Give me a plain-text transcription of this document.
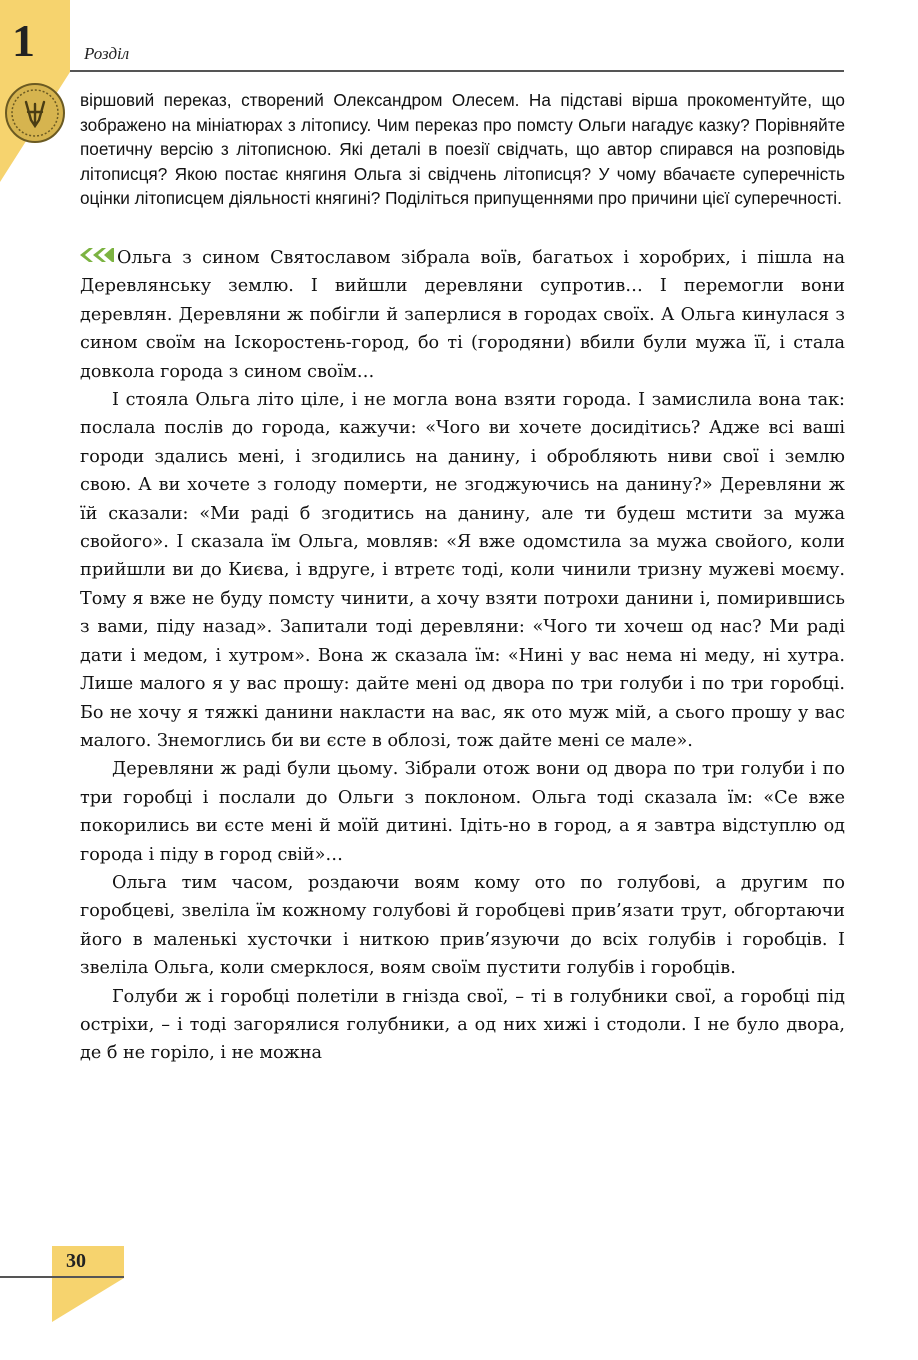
1	Розділ

віршовий переказ, створений Олександром Олесем. На підставі вірша прокоментуйте, що зображено на мініатюрах з літопису. Чим переказ про помсту Ольги нагадує казку? Порівняйте поетичну версію з літописною. Які деталі в поезії свідчать, що автор спирався на розповідь літописця? Якою постає княгиня Ольга зі свідчень літописця? У чому вбачаєте суперечність оцінки літописцем діяльності княгині? Поділіться припущеннями про причини цієї суперечності.

Ольга з сином Святославом зібрала воїв, багатьох і хоробрих, і пішла на Деревлянську землю. І вийшли деревляни супротив… І перемогли вони деревлян. Деревляни ж побігли й заперлися в городах своїх. А Ольга кинулася з сином своїм на Іскоростень-город, бо ті (городяни) вбили були мужа її, і стала довкола города з сином своїм…

І стояла Ольга літо ціле, і не могла вона взяти города. І замислила вона так: послала послів до города, кажучи: «Чого ви хочете досидітись? Адже всі ваші городи здались мені, і згодились на данину, і обробляють ниви свої і землю свою. А ви хочете з голоду померти, не згоджуючись на данину?» Деревляни ж їй сказали: «Ми раді б згодитись на данину, але ти будеш мстити за мужа свойого». І сказала їм Ольга, мовляв: «Я вже одомстила за мужа свойого, коли прийшли ви до Києва, і вдруге, і втретє тоді, коли чинили тризну мужеві моєму. Тому я вже не буду помсту чинити, а хочу взяти потрохи данини і, помирившись з вами, піду назад». Запитали тоді деревляни: «Чого ти хочеш од нас? Ми раді дати і медом, і хутром». Вона ж сказала їм: «Нині у вас нема ні меду, ні хутра. Лише малого я у вас прошу: дайте мені од двора по три голуби і по три горобці. Бо не хочу я тяжкі данини накласти на вас, як ото муж мій, а сього прошу у вас малого. Знемоглись би ви єсте в облозі, тож дайте мені се мале».

Деревляни ж раді були цьому. Зібрали отож вони од двора по три голуби і по три горобці і послали до Ольги з поклоном. Ольга тоді сказала їм: «Се вже покорились ви єсте мені й моїй дитині. Ідіть-но в город, а я завтра відступлю од города і піду в город свій»…

Ольга тим часом, роздаючи воям кому ото по голубові, а другим по горобцеві, звеліла їм кожному голубові й горобцеві прив’язати трут, обгортаючи його в маленькі хусточки і ниткою прив’язуючи до всіх голубів і горобців. І звеліла Ольга, коли смерклося, воям своїм пустити голубів і горобців.

Голуби ж і горобці полетіли в гнізда свої, – ті в голубники свої, а горобці під остріхи, – і тоді загорялися голубники, а од них хижі і стодоли. І не було двора, де б не горіло, і не можна

30
